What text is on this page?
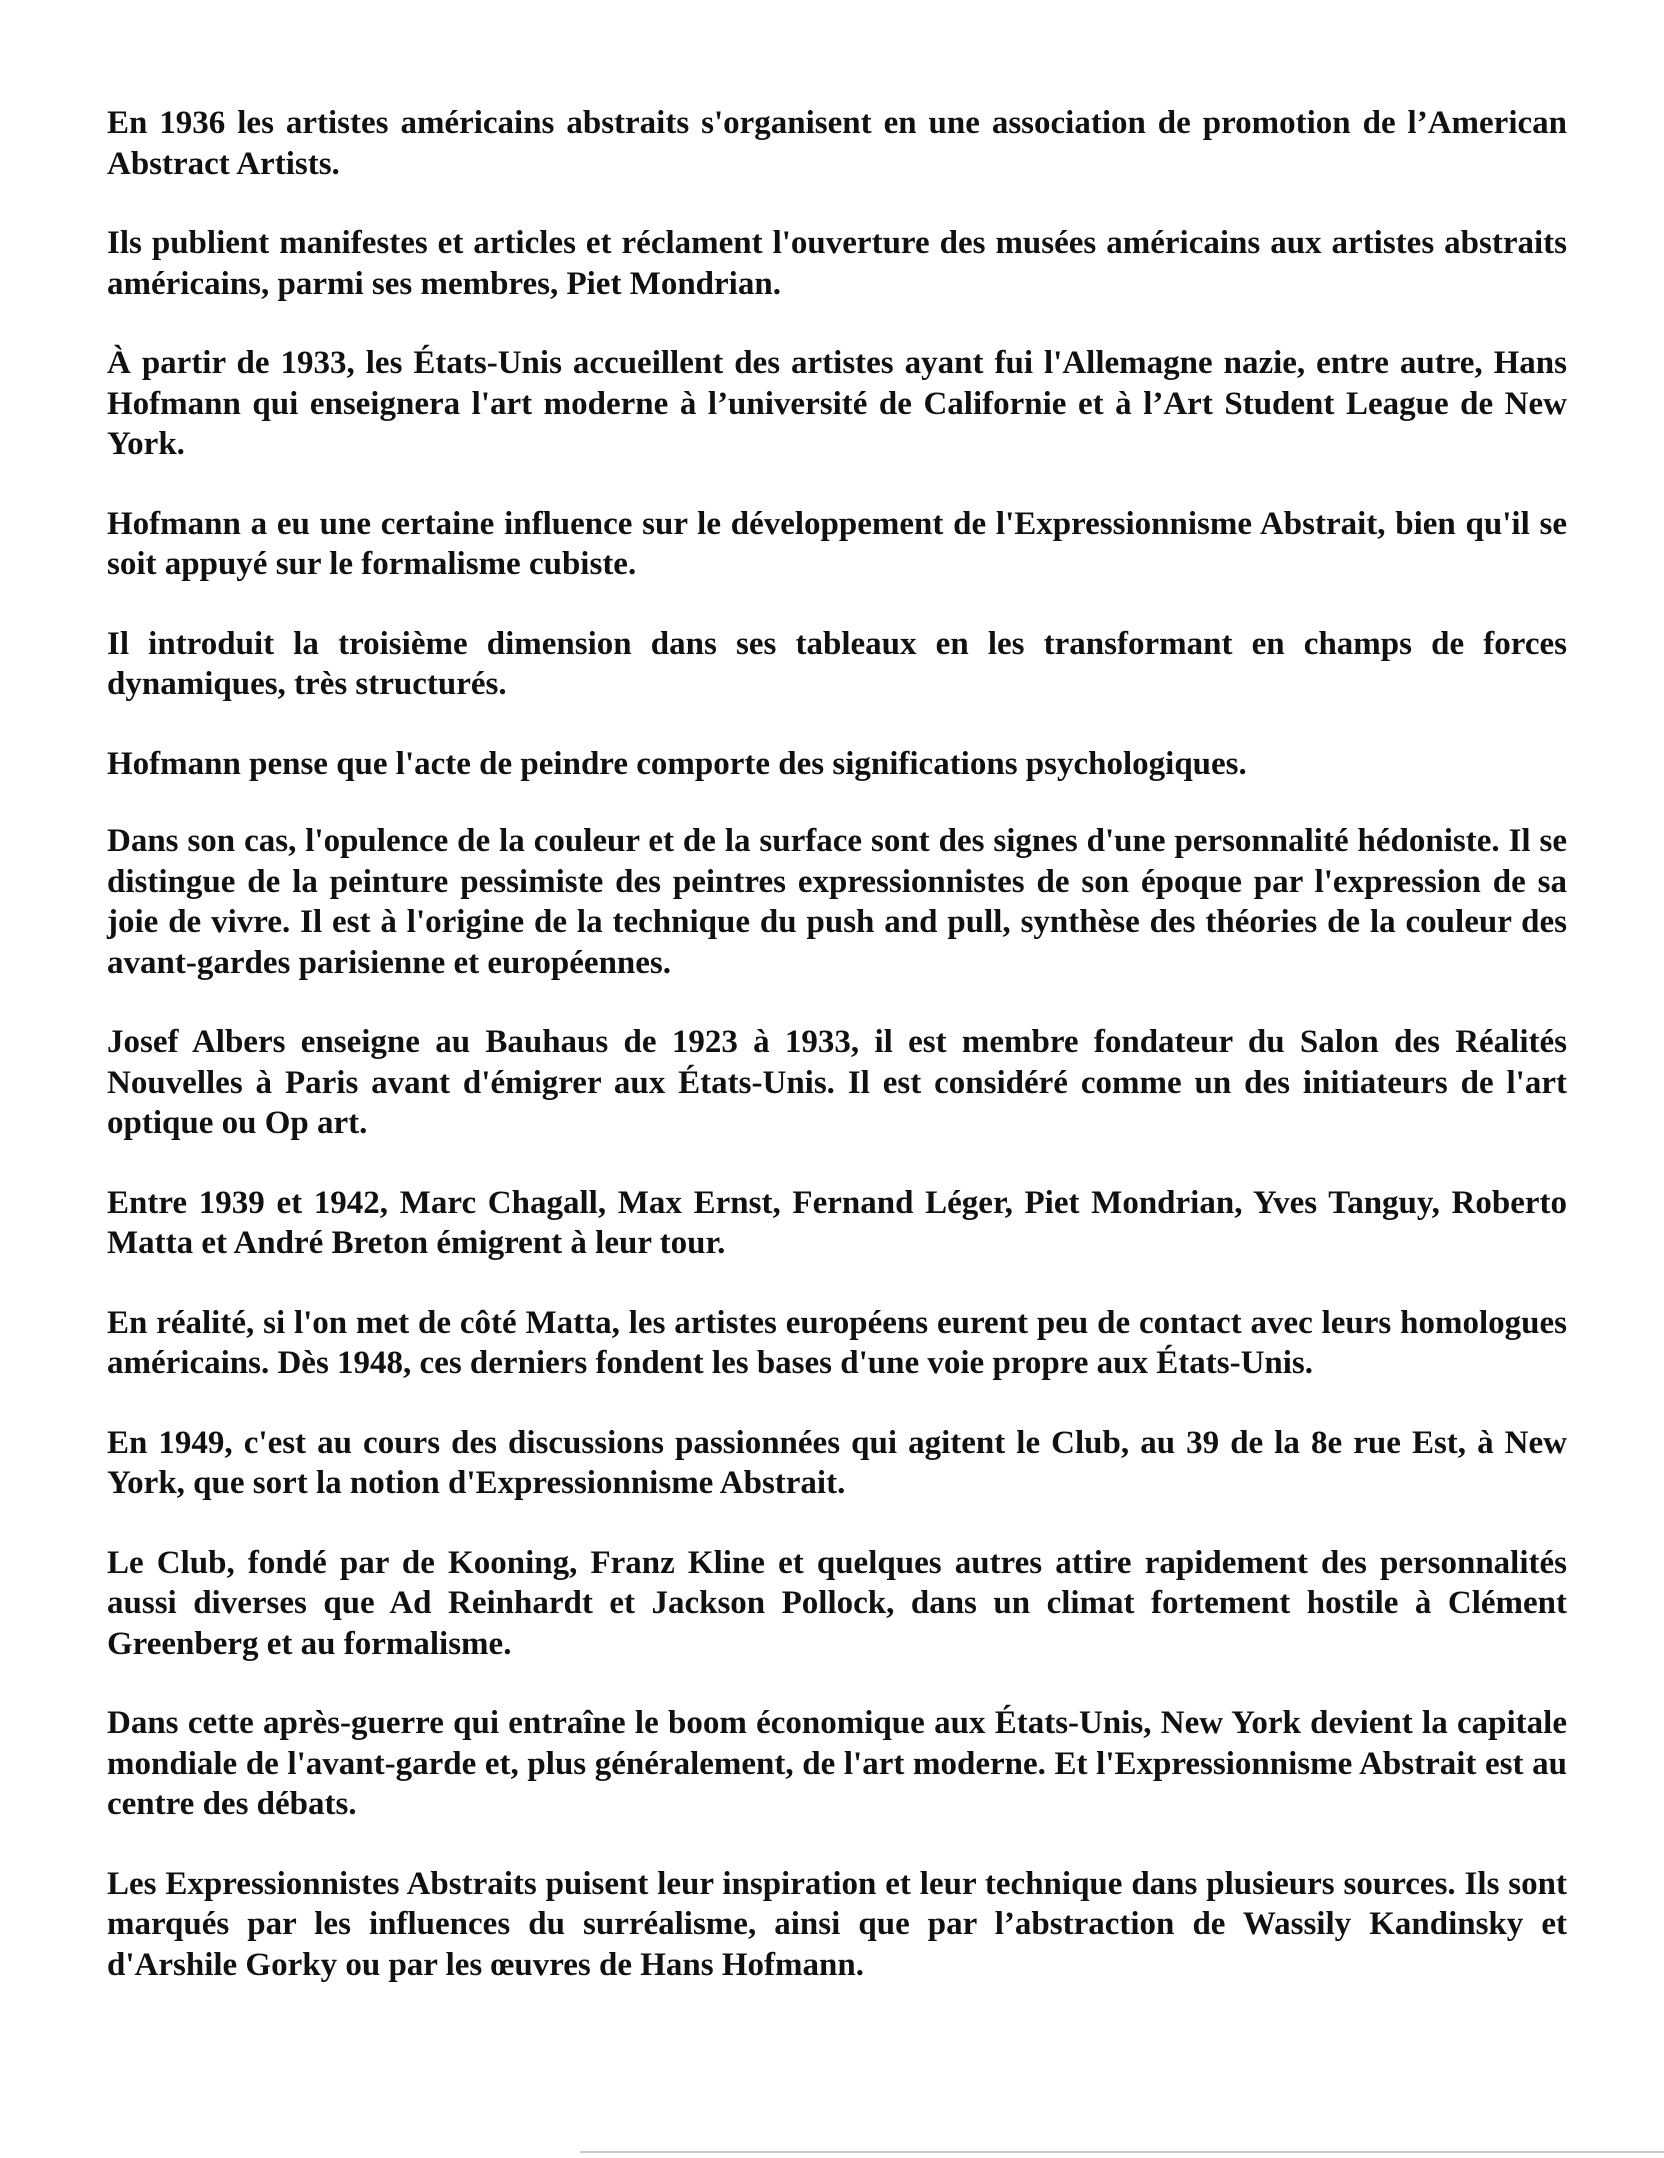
En 1936 les artistes américains abstraits s'organisent en une association de promotion de l’American Abstract Artists.

Ils publient manifestes et articles et réclament l'ouverture des musées américains aux artistes abstraits américains, parmi ses membres, Piet Mondrian.

À partir de 1933, les États-Unis accueillent des artistes ayant fui l'Allemagne nazie, entre autre, Hans Hofmann qui enseignera l'art moderne à l’université de Californie et à l’Art Student League de New York.

Hofmann a eu une certaine influence sur le développement de l'Expressionnisme Abstrait, bien qu'il se soit appuyé sur le formalisme cubiste.

Il introduit la troisième dimension dans ses tableaux en les transformant en champs de forces dynamiques, très structurés.

Hofmann pense que l'acte de peindre comporte des significations psychologiques.

Dans son cas, l'opulence de la couleur et de la surface sont des signes d'une personnalité hédoniste. Il se distingue de la peinture pessimiste des peintres expressionnistes de son époque par l'expression de sa joie de vivre. Il est à l'origine de la technique du push and pull, synthèse des théories de la couleur des avant-gardes parisienne et européennes.

Josef Albers enseigne au Bauhaus de 1923 à 1933, il est membre fondateur du Salon des Réalités Nouvelles à Paris avant d'émigrer aux États-Unis. Il est considéré comme un des initiateurs de l'art optique ou Op art.

Entre 1939 et 1942, Marc Chagall, Max Ernst, Fernand Léger, Piet Mondrian, Yves Tanguy, Roberto Matta et André Breton émigrent à leur tour.

En réalité, si l'on met de côté Matta, les artistes européens eurent peu de contact avec leurs homologues américains. Dès 1948, ces derniers fondent les bases d'une voie propre aux États-Unis.

En 1949, c'est au cours des discussions passionnées qui agitent le Club, au 39 de la 8e rue Est, à New York, que sort la notion d'Expressionnisme Abstrait.

Le Club, fondé par de Kooning, Franz Kline et quelques autres attire rapidement des personnalités aussi diverses que Ad Reinhardt et Jackson Pollock, dans un climat fortement hostile à Clément Greenberg et au formalisme.

Dans cette après-guerre qui entraîne le boom économique aux États-Unis, New York devient la capitale mondiale de l'avant-garde et, plus généralement, de l'art moderne. Et l'Expressionnisme Abstrait est au centre des débats.

Les Expressionnistes Abstraits puisent leur inspiration et leur technique dans plusieurs sources. Ils sont marqués par les influences du surréalisme, ainsi que par l’abstraction de Wassily Kandinsky et d'Arshile Gorky ou par les œuvres de Hans Hofmann.
